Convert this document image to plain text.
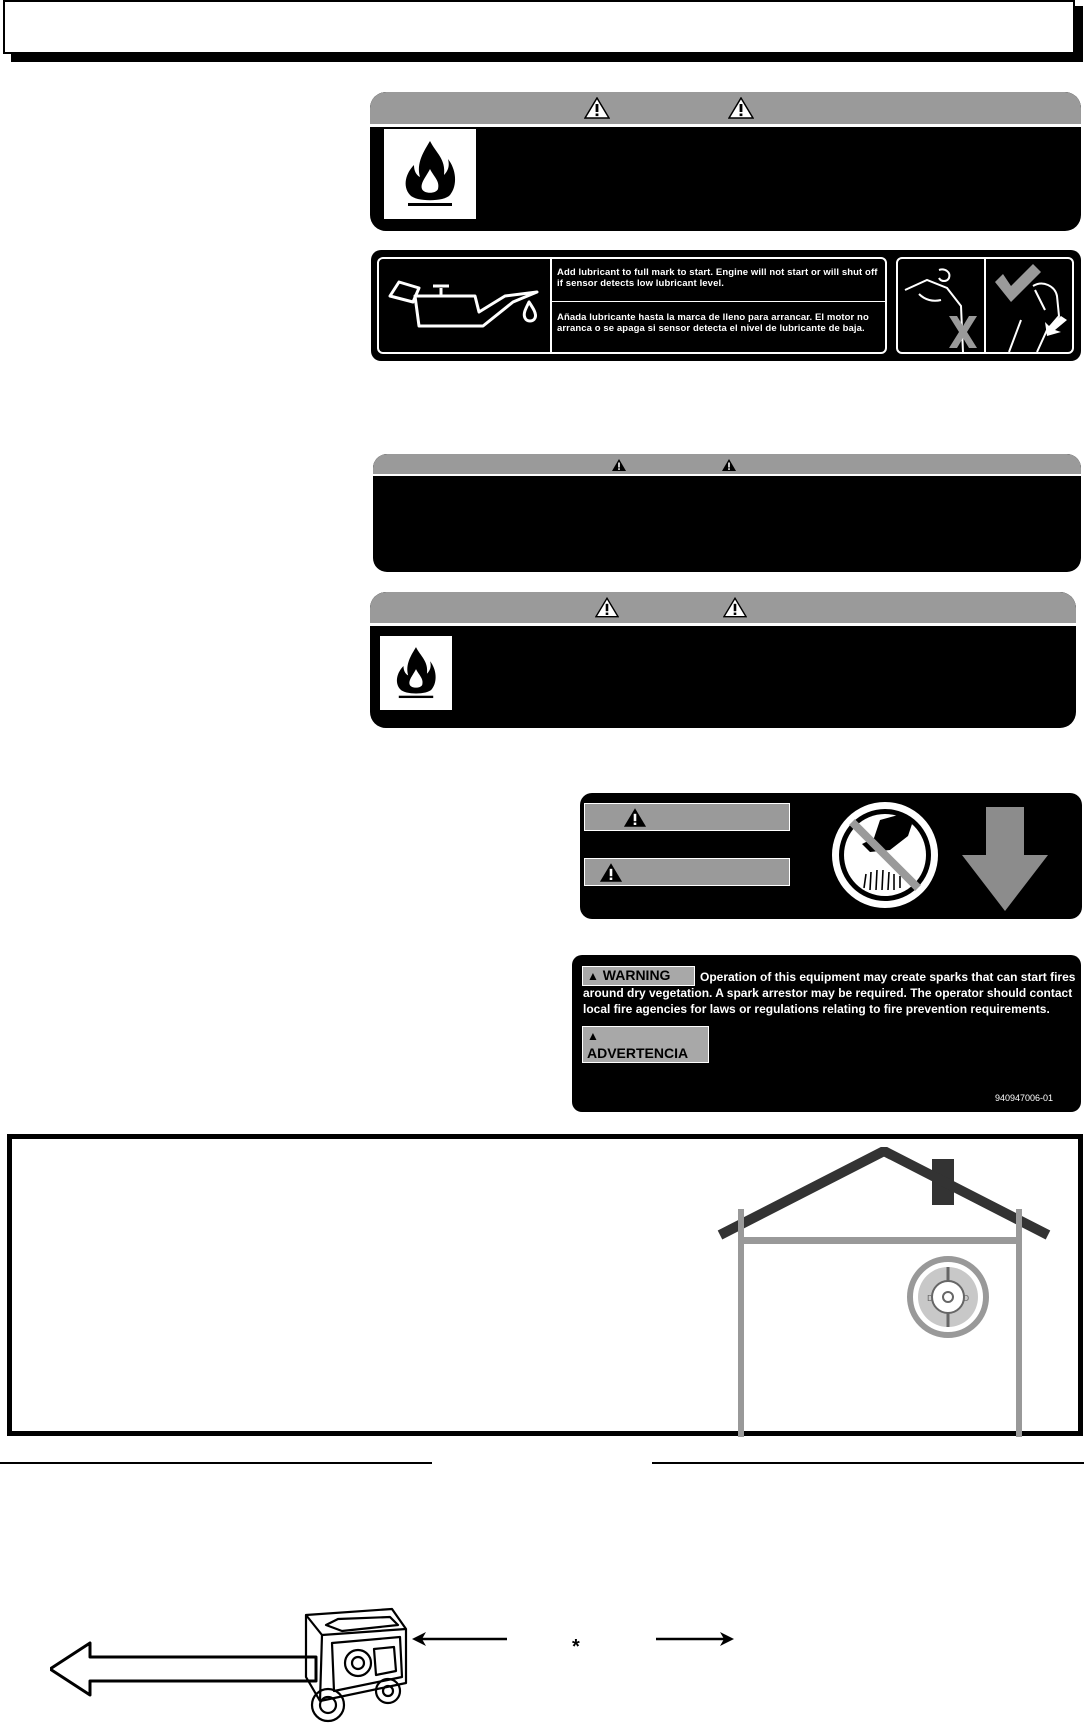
Add lubricant to full mark to start. Engine will not start or will shut off if sensor detects low lubricant level.
Añada lubricante hasta la marca de lleno para arrancar. El motor no arranca o se apaga si sensor detecta el nivel de lubricante de baja.
▲ WARNING	Operation of this equipment may create sparks that can start fires
around dry vegetation. A spark arrestor may be required. The operator should contact
local fire agencies for laws or regulations relating to fire prevention requirements.
▲ ADVERTENCIA
940947006-01
D	D
*
